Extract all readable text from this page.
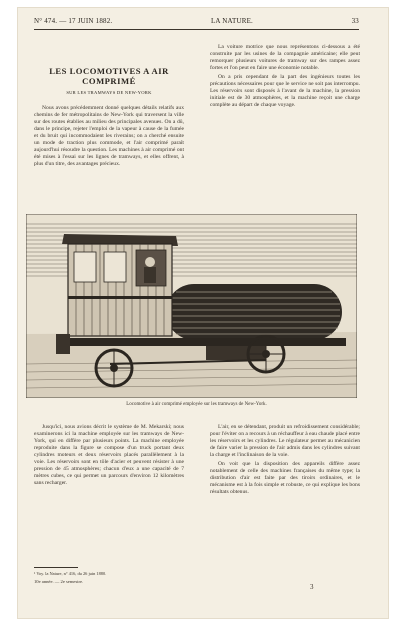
N° 474. — 17 JUIN 1882.	LA NATURE.	33
LES LOCOMOTIVES A AIR COMPRIMÉ
SUR LES TRAMWAYS DE NEW-YORK

Nous avons précédemment donné quelques détails relatifs aux chemins de fer métropolitains de New-York qui traversent la ville sur des routes établies au milieu des principales avenues. On a dû, dans le principe, rejeter l'emploi de la vapeur à cause de la fumée et du bruit qui incommodaient les riverains; on a cherché ensuite un mode de traction plus commode, et l'air comprimé paraît aujourd'hui résoudre la question. Les machines à air comprimé ont été mises à l'essai sur les lignes de tramways, et elles offrent, à plus d'un titre, des avantages précieux.

La voiture motrice que nous représentons ci-dessous a été construite par les usines de la compagnie américaine; elle peut remorquer plusieurs voitures de tramway sur des rampes assez fortes et l'on peut en faire une économie notable.

On a pris cependant de la part des ingénieurs toutes les précautions nécessaires pour que le service ne soit pas interrompu. Les réservoirs sont disposés à l'avant de la machine, la pression initiale est de 30 atmosphères, et la machine reçoit une charge complète au départ de chaque voyage.

Locomotive à air comprimé employée sur les tramways de New-York.

Jusqu'ici, nous avions décrit le système de M. Mekarski; nous examinerons ici la machine employée sur les tramways de New-York, qui en diffère par plusieurs points. La machine employée reproduite dans la figure se compose d'un truck portant deux cylindres moteurs et deux réservoirs placés parallèlement à la voie. Les réservoirs sont en tôle d'acier et peuvent résister à une pression de 45 atmosphères; chacun d'eux a une capacité de 7 mètres cubes, ce qui permet un parcours d'environ 12 kilomètres sans recharger.

L'air, en se détendant, produit un refroidissement considérable; pour l'éviter on a recours à un réchauffeur à eau chaude placé entre les réservoirs et les cylindres. Le régulateur permet au mécanicien de faire varier la pression de l'air admis dans les cylindres suivant la charge et l'inclinaison de la voie.

On voit que la disposition des appareils diffère assez notablement de celle des machines françaises du même type; la distribution d'air est faite par des tiroirs ordinaires, et le mécanisme est à la fois simple et robuste, ce qui explique les bons résultats obtenus.

¹ Voy. la Nature, n° 416, du 26 juin 1880.
10e année. — 2e semestre.
3
